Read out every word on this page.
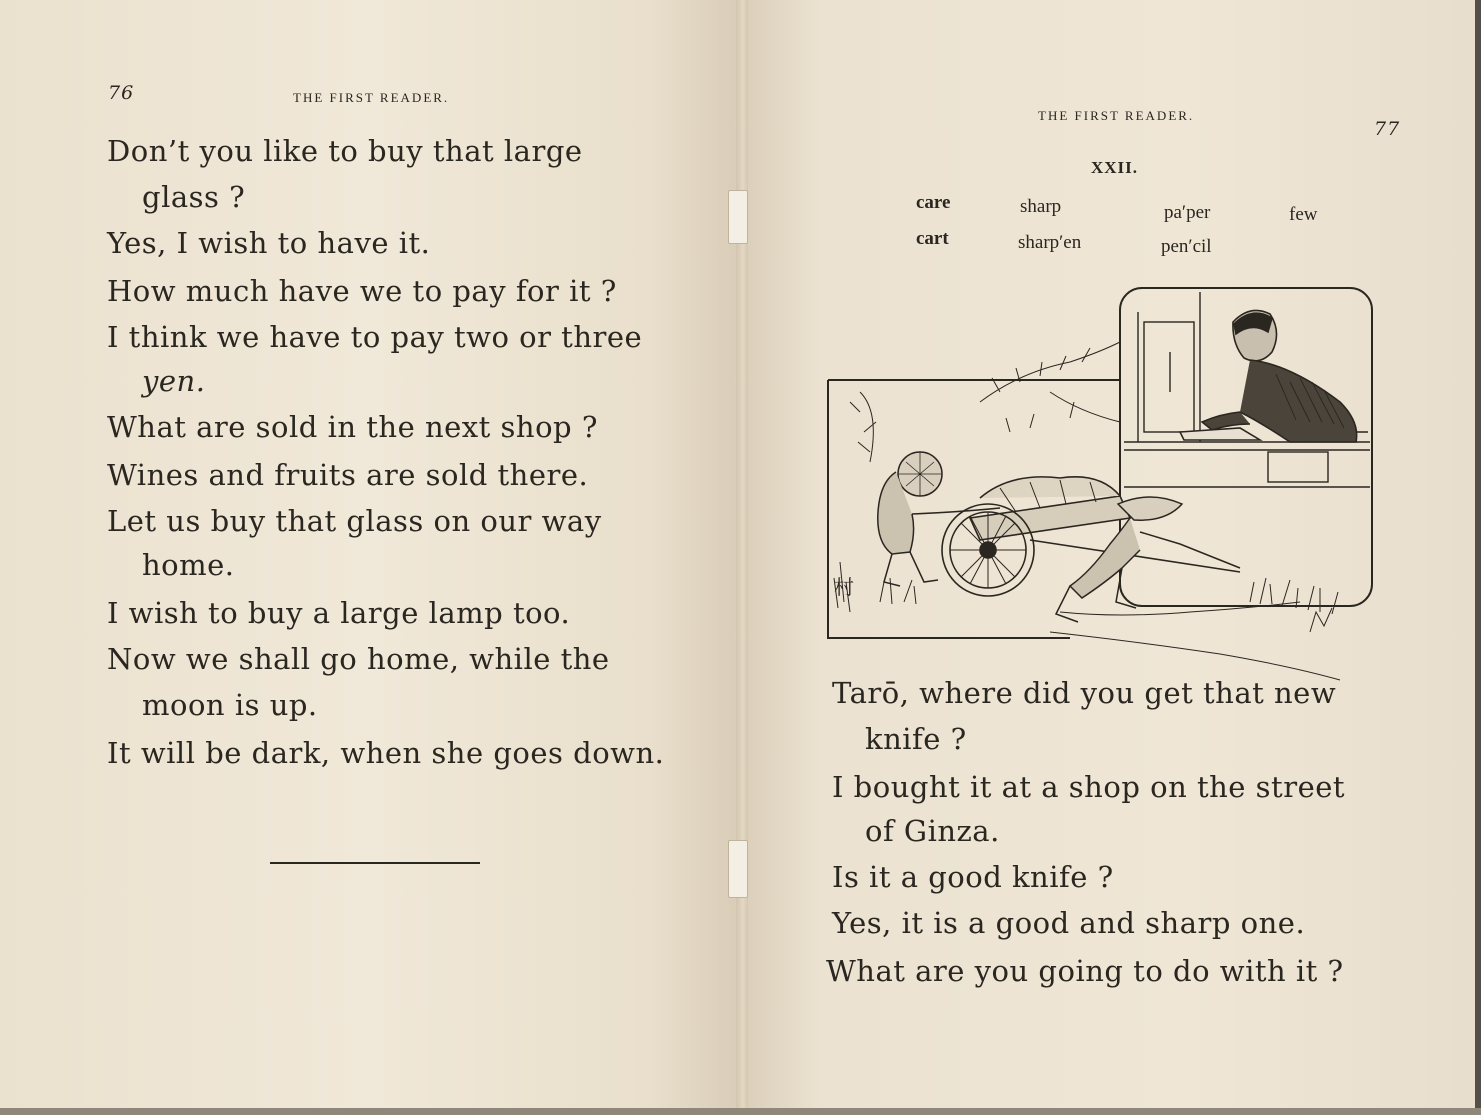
76	THE FIRST READER.
Don’t you like to buy that large
glass ?
Yes, I wish to have it.
How much have we to pay for it ?
I think we have to pay two or three
yen.
What are sold in the next shop ?
Wines and fruits are sold there.
Let us buy that glass on our way
home.
I wish to buy a large lamp too.
Now we shall go home, while the
moon is up.
It will be dark, when she goes down.
THE FIRST READER.
77
XXII.
care
cart
sharp
sharp′en
pa′per
pen′cil
few
Tarō, where did you get that new
knife ?
I bought it at a shop on the street
of Ginza.
Is it a good knife ?
Yes, it is a good and sharp one.
What are you going to do with it ?
村
